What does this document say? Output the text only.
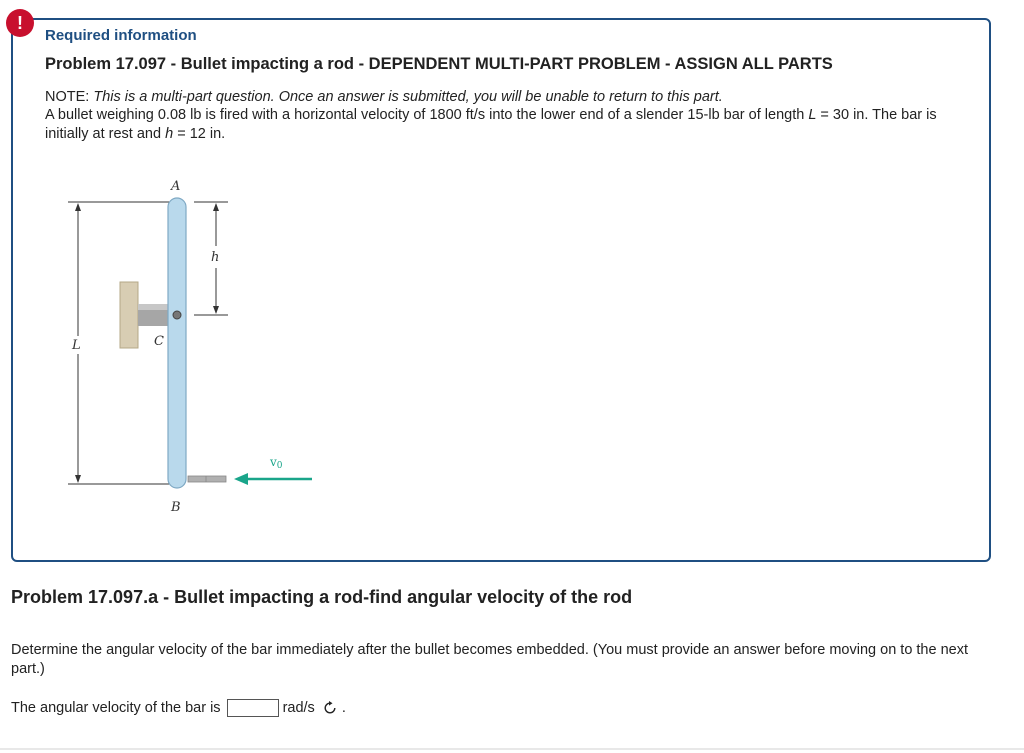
!
Required information
Problem 17.097 - Bullet impacting a rod - DEPENDENT MULTI-PART PROBLEM - ASSIGN ALL PARTS
NOTE: This is a multi-part question. Once an answer is submitted, you will be unable to return to this part.
A bullet weighing 0.08 lb is fired with a horizontal velocity of 1800 ft/s into the lower end of a slender 15-lb bar of length L = 30 in. The bar is initially at rest and h = 12 in.
L
h
C
A
B
v0
Problem 17.097.a - Bullet impacting a rod-find angular velocity of the rod
Determine the angular velocity of the bar immediately after the bullet becomes embedded. (You must provide an answer before moving on to the next part.)
The angular velocity of the bar is	rad/s .
